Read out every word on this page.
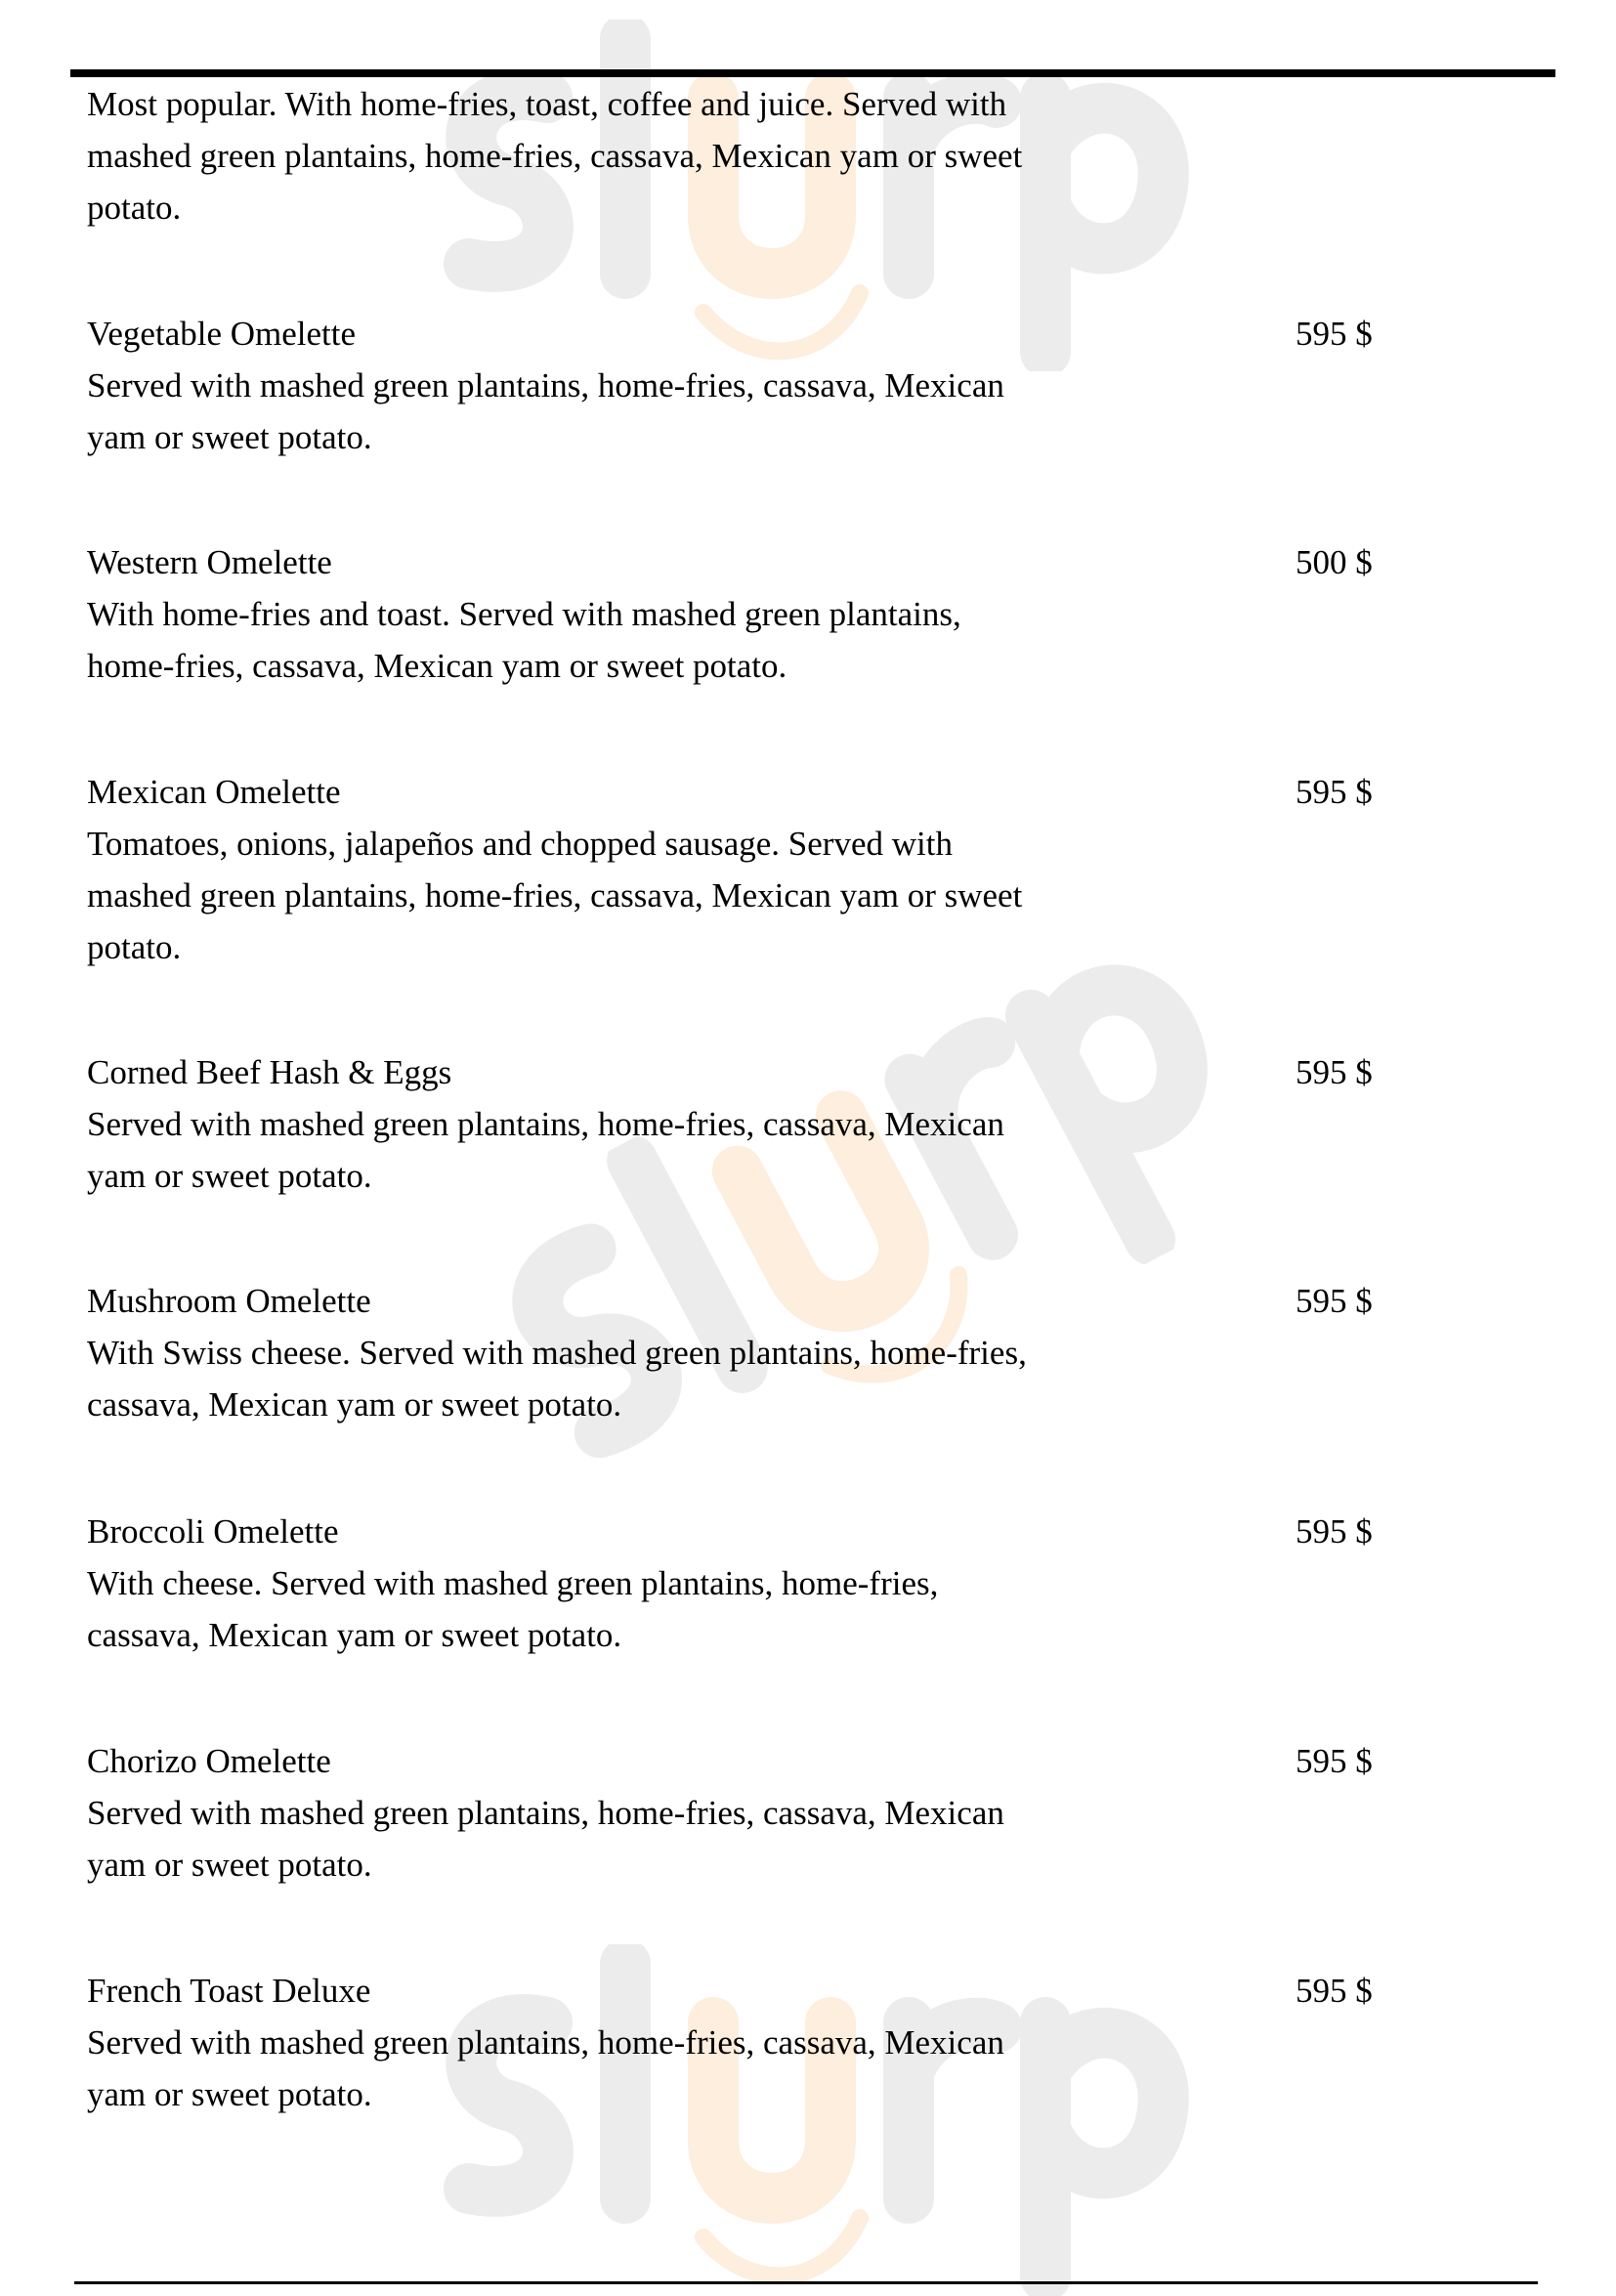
Most popular. With home-fries, toast, coffee and juice. Served with
mashed green plantains, home-fries, cassava, Mexican yam or sweet
potato.
Vegetable Omelette
Served with mashed green plantains, home-fries, cassava, Mexican
yam or sweet potato.
595 $
Western Omelette
With home-fries and toast. Served with mashed green plantains,
home-fries, cassava, Mexican yam or sweet potato.
500 $
Mexican Omelette
Tomatoes, onions, jalapeños and chopped sausage. Served with
mashed green plantains, home-fries, cassava, Mexican yam or sweet
potato.
595 $
Corned Beef Hash & Eggs
Served with mashed green plantains, home-fries, cassava, Mexican
yam or sweet potato.
595 $
Mushroom Omelette
With Swiss cheese. Served with mashed green plantains, home-fries,
cassava, Mexican yam or sweet potato.
595 $
Broccoli Omelette
With cheese. Served with mashed green plantains, home-fries,
cassava, Mexican yam or sweet potato.
595 $
Chorizo Omelette
Served with mashed green plantains, home-fries, cassava, Mexican
yam or sweet potato.
595 $
French Toast Deluxe
Served with mashed green plantains, home-fries, cassava, Mexican
yam or sweet potato.
595 $
